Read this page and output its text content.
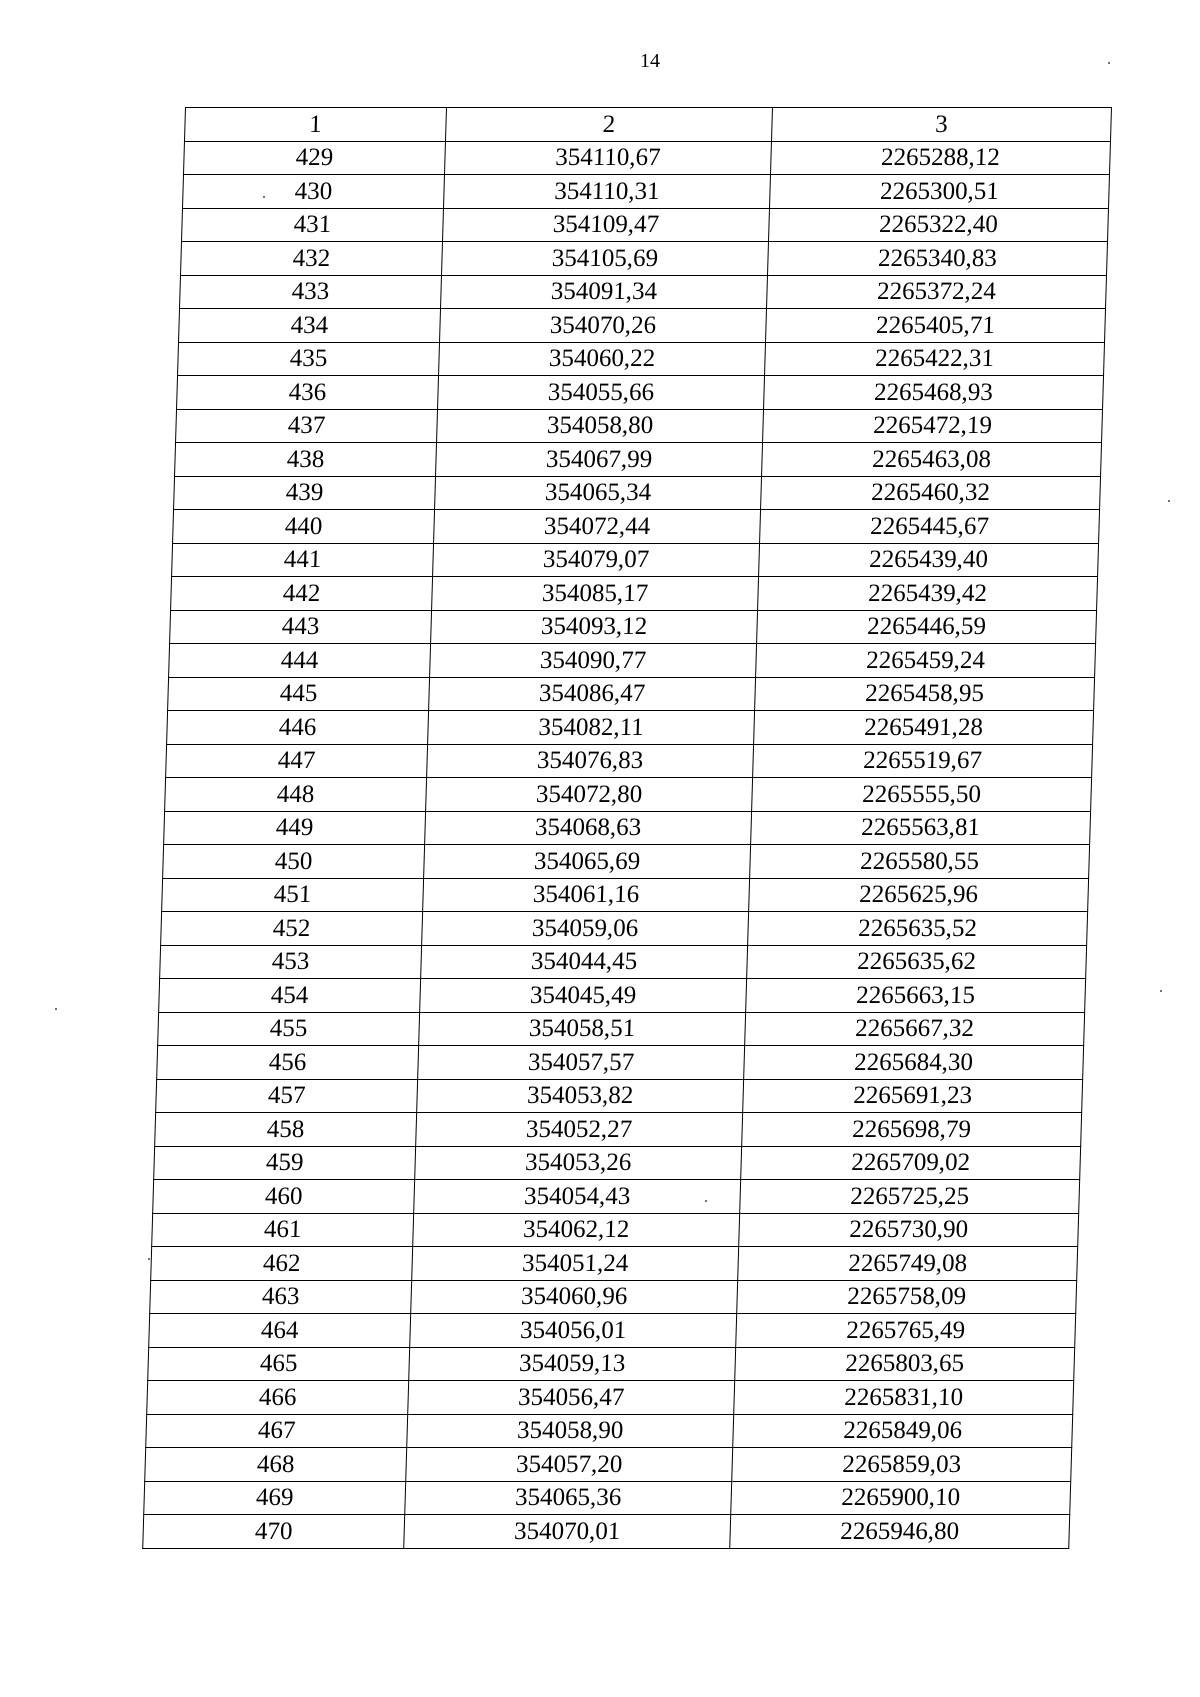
14
1	2	3
429	354110,67	2265288,12
430	354110,31	2265300,51
431	354109,47	2265322,40
432	354105,69	2265340,83
433	354091,34	2265372,24
434	354070,26	2265405,71
435	354060,22	2265422,31
436	354055,66	2265468,93
437	354058,80	2265472,19
438	354067,99	2265463,08
439	354065,34	2265460,32
440	354072,44	2265445,67
441	354079,07	2265439,40
442	354085,17	2265439,42
443	354093,12	2265446,59
444	354090,77	2265459,24
445	354086,47	2265458,95
446	354082,11	2265491,28
447	354076,83	2265519,67
448	354072,80	2265555,50
449	354068,63	2265563,81
450	354065,69	2265580,55
451	354061,16	2265625,96
452	354059,06	2265635,52
453	354044,45	2265635,62
454	354045,49	2265663,15
455	354058,51	2265667,32
456	354057,57	2265684,30
457	354053,82	2265691,23
458	354052,27	2265698,79
459	354053,26	2265709,02
460	354054,43	2265725,25
461	354062,12	2265730,90
462	354051,24	2265749,08
463	354060,96	2265758,09
464	354056,01	2265765,49
465	354059,13	2265803,65
466	354056,47	2265831,10
467	354058,90	2265849,06
468	354057,20	2265859,03
469	354065,36	2265900,10
470	354070,01	2265946,80
